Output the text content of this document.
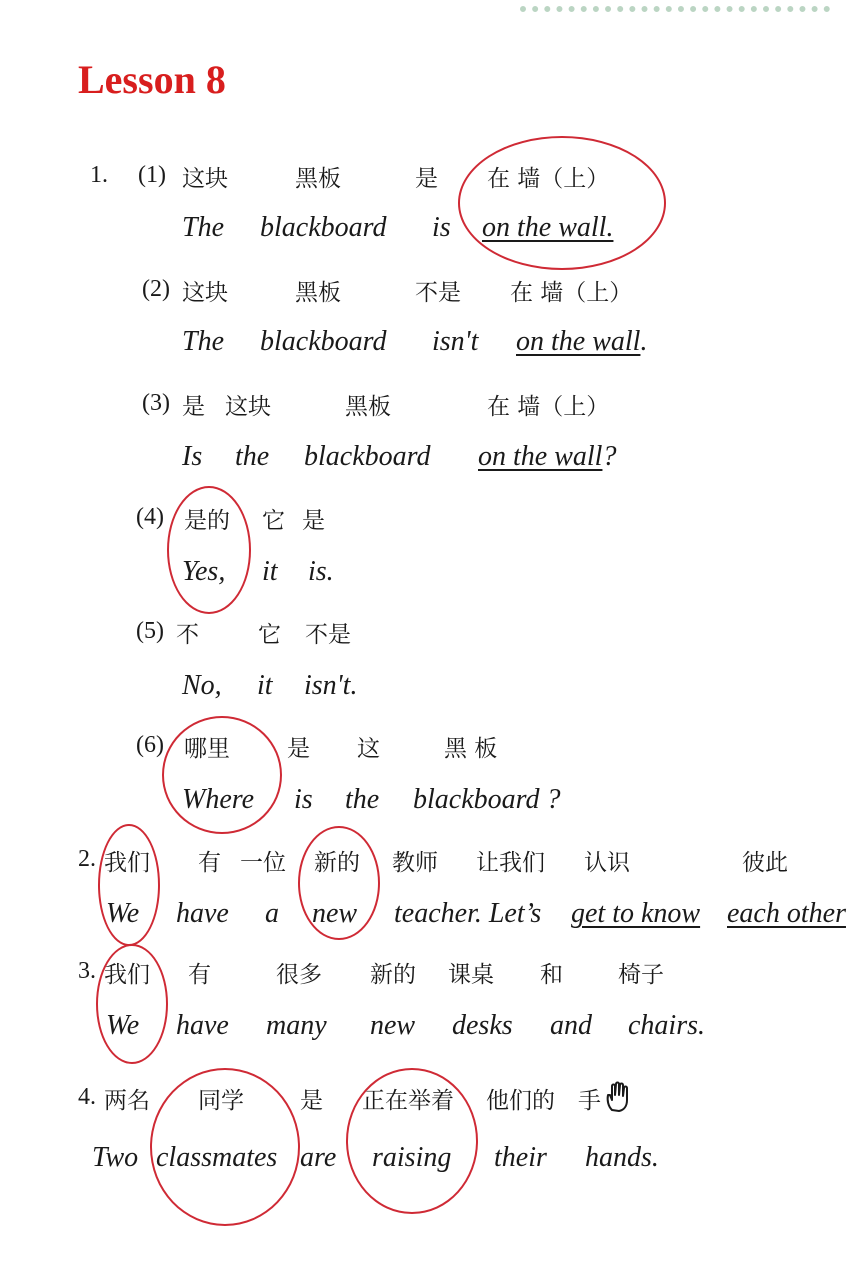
Lesson 8
1. (1) 这块	黑板	是 在 墙（上）
The blackboard is on the wall.
(2) 这块	黑板	不是 在 墙（上）
The blackboard isn't on the wall.
(3) 是 这块	黑板	在 墙（上）
Is the blackboard on the wall?
(4) 是的 它 是
Yes, it is.
(5) 不	它 不是
No, it isn't.
(6) 哪里 是 这	黑 板
Where is the blackboard ?
2. 我们 有 一位 新的 教师 让我们 认识	彼此
We have a new teacher. Let’s get to know each other
3. 我们 有	很多 新的 课桌 和 椅子
We have many new desks and chairs.
4. 两名 同学 是 正在举着 他们的 手
Two classmates are raising their hands.
